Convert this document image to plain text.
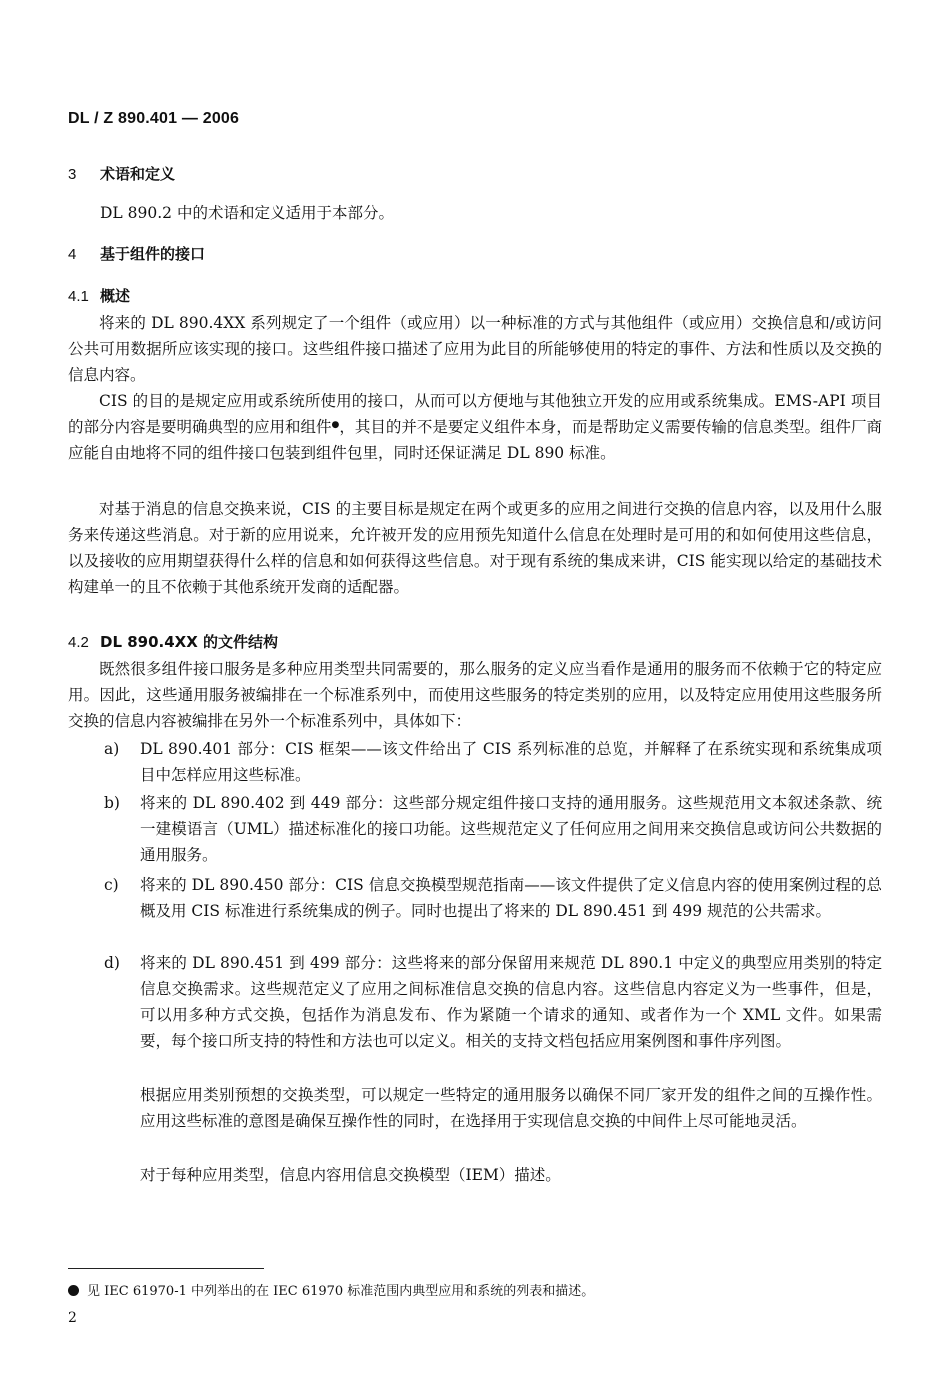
DL / Z 890.401 — 2006
3 术语和定义
DL 890.2 中的术语和定义适用于本部分。
4 基于组件的接口
4.1 概述
将来的 DL 890.4XX 系列规定了一个组件（或应用）以一种标准的方式与其他组件（或应用）交换信息和/或访问公共可用数据所应该实现的接口。这些组件接口描述了应用为此目的所能够使用的特定的事件、方法和性质以及交换的信息内容。
CIS 的目的是规定应用或系统所使用的接口，从而可以方便地与其他独立开发的应用或系统集成。EMS-API 项目的部分内容是要明确典型的应用和组件●，其目的并不是要定义组件本身，而是帮助定义需要传输的信息类型。组件厂商应能自由地将不同的组件接口包装到组件包里，同时还保证满足 DL 890 标准。
对基于消息的信息交换来说，CIS 的主要目标是规定在两个或更多的应用之间进行交换的信息内容，以及用什么服务来传递这些消息。对于新的应用说来，允许被开发的应用预先知道什么信息在处理时是可用的和如何使用这些信息，以及接收的应用期望获得什么样的信息和如何获得这些信息。对于现有系统的集成来讲，CIS 能实现以给定的基础技术构建单一的且不依赖于其他系统开发商的适配器。
4.2 DL 890.4XX 的文件结构
既然很多组件接口服务是多种应用类型共同需要的，那么服务的定义应当看作是通用的服务而不依赖于它的特定应用。因此，这些通用服务被编排在一个标准系列中，而使用这些服务的特定类别的应用，以及特定应用使用这些服务所交换的信息内容被编排在另外一个标准系列中，具体如下：
a) DL 890.401 部分：CIS 框架——该文件给出了 CIS 系列标准的总览，并解释了在系统实现和系统集成项目中怎样应用这些标准。
b) 将来的 DL 890.402 到 449 部分：这些部分规定组件接口支持的通用服务。这些规范用文本叙述条款、统一建模语言（UML）描述标准化的接口功能。这些规范定义了任何应用之间用来交换信息或访问公共数据的通用服务。
c) 将来的 DL 890.450 部分：CIS 信息交换模型规范指南——该文件提供了定义信息内容的使用案例过程的总概及用 CIS 标准进行系统集成的例子。同时也提出了将来的 DL 890.451 到 499 规范的公共需求。
d) 将来的 DL 890.451 到 499 部分：这些将来的部分保留用来规范 DL 890.1 中定义的典型应用类别的特定信息交换需求。这些规范定义了应用之间标准信息交换的信息内容。这些信息内容定义为一些事件，但是，可以用多种方式交换，包括作为消息发布、作为紧随一个请求的通知、或者作为一个 XML 文件。如果需要，每个接口所支持的特性和方法也可以定义。相关的支持文档包括应用案例图和事件序列图。
根据应用类别预想的交换类型，可以规定一些特定的通用服务以确保不同厂家开发的组件之间的互操作性。应用这些标准的意图是确保互操作性的同时，在选择用于实现信息交换的中间件上尽可能地灵活。
对于每种应用类型，信息内容用信息交换模型（IEM）描述。
见 IEC 61970-1 中列举出的在 IEC 61970 标准范围内典型应用和系统的列表和描述。
2
